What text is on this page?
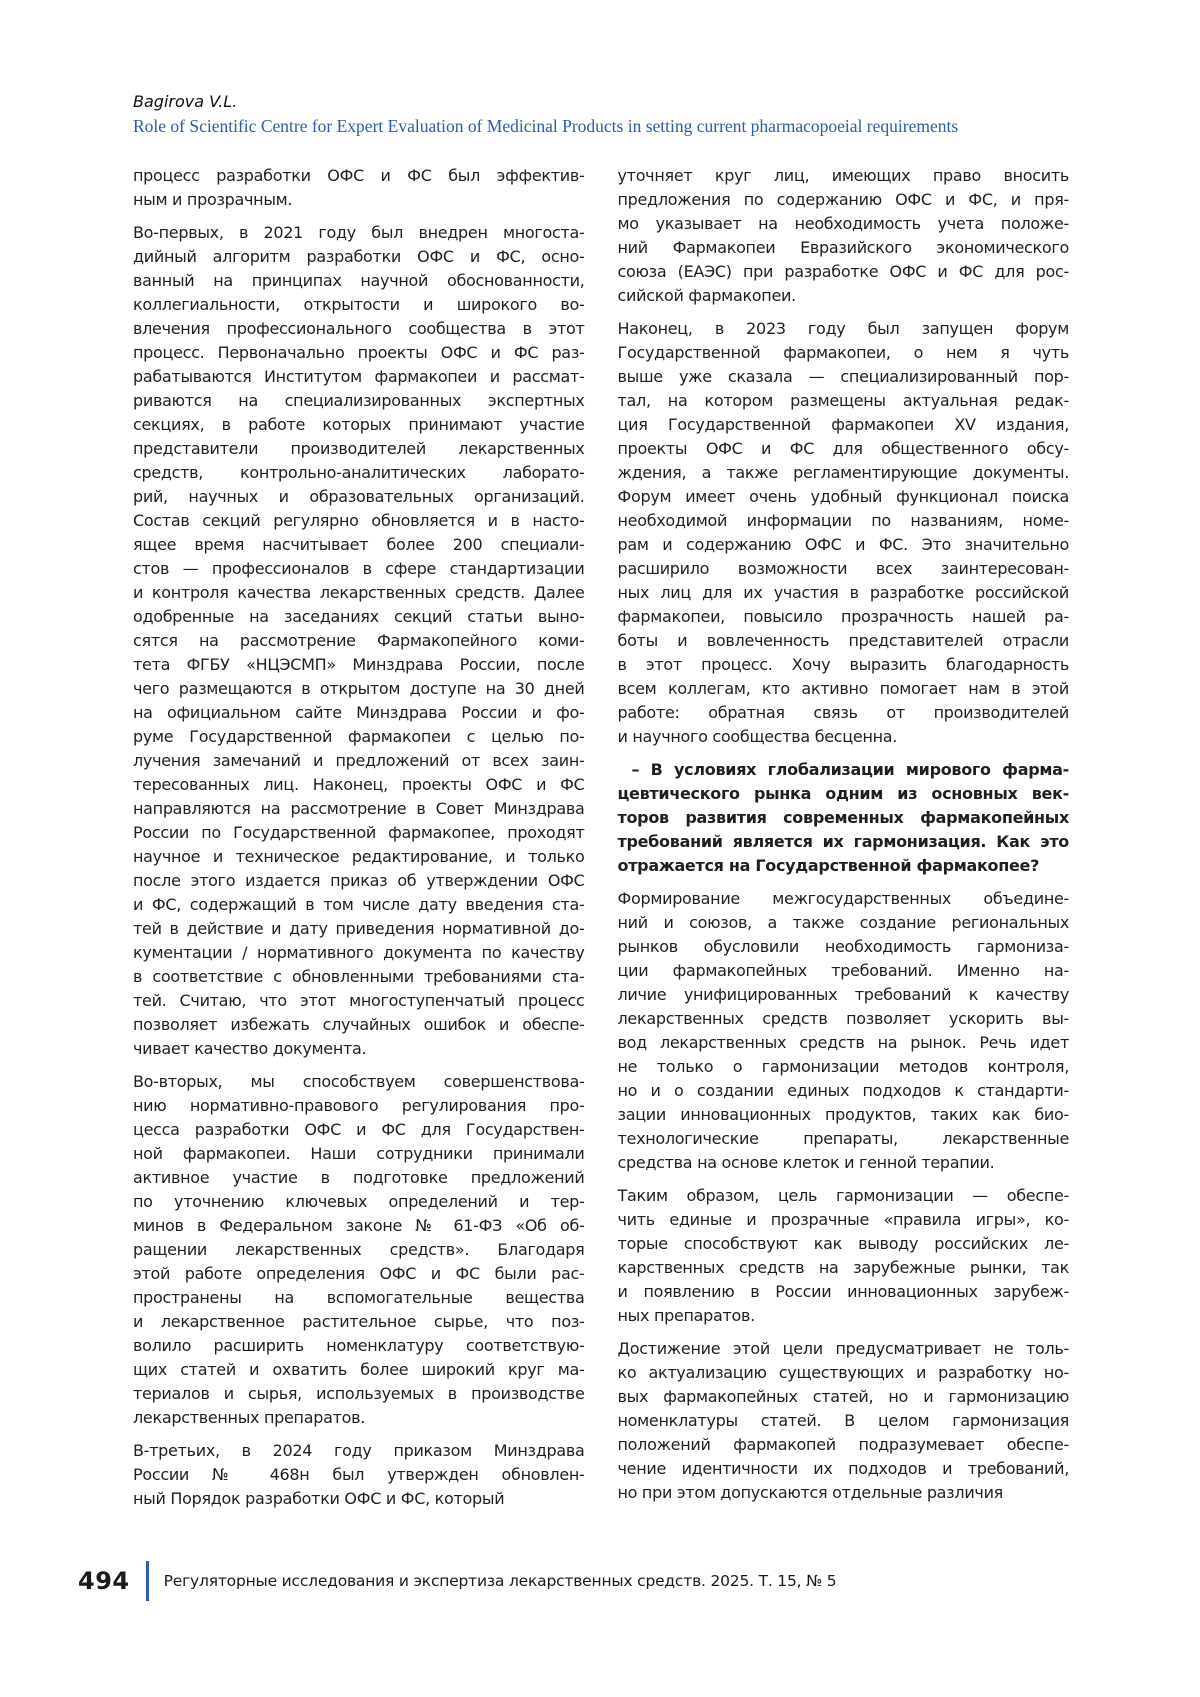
Bagirova V.L.
Role of Scientific Centre for Expert Evaluation of Medicinal Products in setting current pharmacopoeial requirements
процесс разработки ОФС и ФС был эффектив-
ным и прозрачным.
Во-первых, в 2021 году был внедрен многоста-
дийный алгоритм разработки ОФС и ФС, осно-
ванный на принципах научной обоснованности,
коллегиальности, открытости и широкого во-
влечения профессионального сообщества в этот
процесс. Первоначально проекты ОФС и ФС раз-
рабатываются Институтом фармакопеи и рассмат-
риваются на специализированных экспертных
секциях, в работе которых принимают участие
представители производителей лекарственных
средств, контрольно-аналитических лаборато-
рий, научных и образовательных организаций.
Состав секций регулярно обновляется и в насто-
ящее время насчитывает более 200 специали-
стов — профессионалов в сфере стандартизации
и контроля качества лекарственных средств. Далее
одобренные на заседаниях секций статьи выно-
сятся на рассмотрение Фармакопейного коми-
тета ФГБУ «НЦЭСМП» Минздрава России, после
чего размещаются в открытом доступе на 30 дней
на официальном сайте Минздрава России и фо-
руме Государственной фармакопеи с целью по-
лучения замечаний и предложений от всех заин-
тересованных лиц. Наконец, проекты ОФС и ФС
направляются на рассмотрение в Совет Минздрава
России по Государственной фармакопее, проходят
научное и техническое редактирование, и только
после этого издается приказ об утверждении ОФС
и ФС, содержащий в том числе дату введения ста-
тей в действие и дату приведения нормативной до-
кументации / нормативного документа по качеству
в соответствие с обновленными требованиями ста-
тей. Считаю, что этот многоступенчатый процесс
позволяет избежать случайных ошибок и обеспе-
чивает качество документа.
Во-вторых, мы способствуем совершенствова-
нию нормативно-правового регулирования про-
цесса разработки ОФС и ФС для Государствен-
ной фармакопеи. Наши сотрудники принимали
активное участие в подготовке предложений
по уточнению ключевых определений и тер-
минов в Федеральном законе № 61-ФЗ «Об об-
ращении лекарственных средств». Благодаря
этой работе определения ОФС и ФС были рас-
пространены на вспомогательные вещества
и лекарственное растительное сырье, что поз-
волило расширить номенклатуру соответствую-
щих статей и охватить более широкий круг ма-
териалов и сырья, используемых в производстве
лекарственных препаратов.
В-третьих, в 2024 году приказом Минздрава
России № 468н был утвержден обновлен-
ный Порядок разработки ОФС и ФС, который
уточняет круг лиц, имеющих право вносить
предложения по содержанию ОФС и ФС, и пря-
мо указывает на необходимость учета положе-
ний Фармакопеи Евразийского экономического
союза (ЕАЭС) при разработке ОФС и ФС для рос-
сийской фармакопеи.
Наконец, в 2023 году был запущен форум
Государственной фармакопеи, о нем я чуть
выше уже сказала — специализированный пор-
тал, на котором размещены актуальная редак-
ция Государственной фармакопеи XV издания,
проекты ОФС и ФС для общественного обсу-
ждения, а также регламентирующие документы.
Форум имеет очень удобный функционал поиска
необходимой информации по названиям, номе-
рам и содержанию ОФС и ФС. Это значительно
расширило возможности всех заинтересован-
ных лиц для их участия в разработке российской
фармакопеи, повысило прозрачность нашей ра-
боты и вовлеченность представителей отрасли
в этот процесс. Хочу выразить благодарность
всем коллегам, кто активно помогает нам в этой
работе: обратная связь от производителей
и научного сообщества бесценна.
– В условиях глобализации мирового фарма-
цевтического рынка одним из основных век-
торов развития современных фармакопейных
требований является их гармонизация. Как это
отражается на Государственной фармакопее?
Формирование межгосударственных объедине-
ний и союзов, а также создание региональных
рынков обусловили необходимость гармониза-
ции фармакопейных требований. Именно на-
личие унифицированных требований к качеству
лекарственных средств позволяет ускорить вы-
вод лекарственных средств на рынок. Речь идет
не только о гармонизации методов контроля,
но и о создании единых подходов к стандарти-
зации инновационных продуктов, таких как био-
технологические препараты, лекарственные
средства на основе клеток и генной терапии.
Таким образом, цель гармонизации — обеспе-
чить единые и прозрачные «правила игры», ко-
торые способствуют как выводу российских ле-
карственных средств на зарубежные рынки, так
и появлению в России инновационных зарубеж-
ных препаратов.
Достижение этой цели предусматривает не толь-
ко актуализацию существующих и разработку но-
вых фармакопейных статей, но и гармонизацию
номенклатуры статей. В целом гармонизация
положений фармакопей подразумевает обеспе-
чение идентичности их подходов и требований,
но при этом допускаются отдельные различия
494 Регуляторные исследования и экспертиза лекарственных средств. 2025. Т. 15, № 5
